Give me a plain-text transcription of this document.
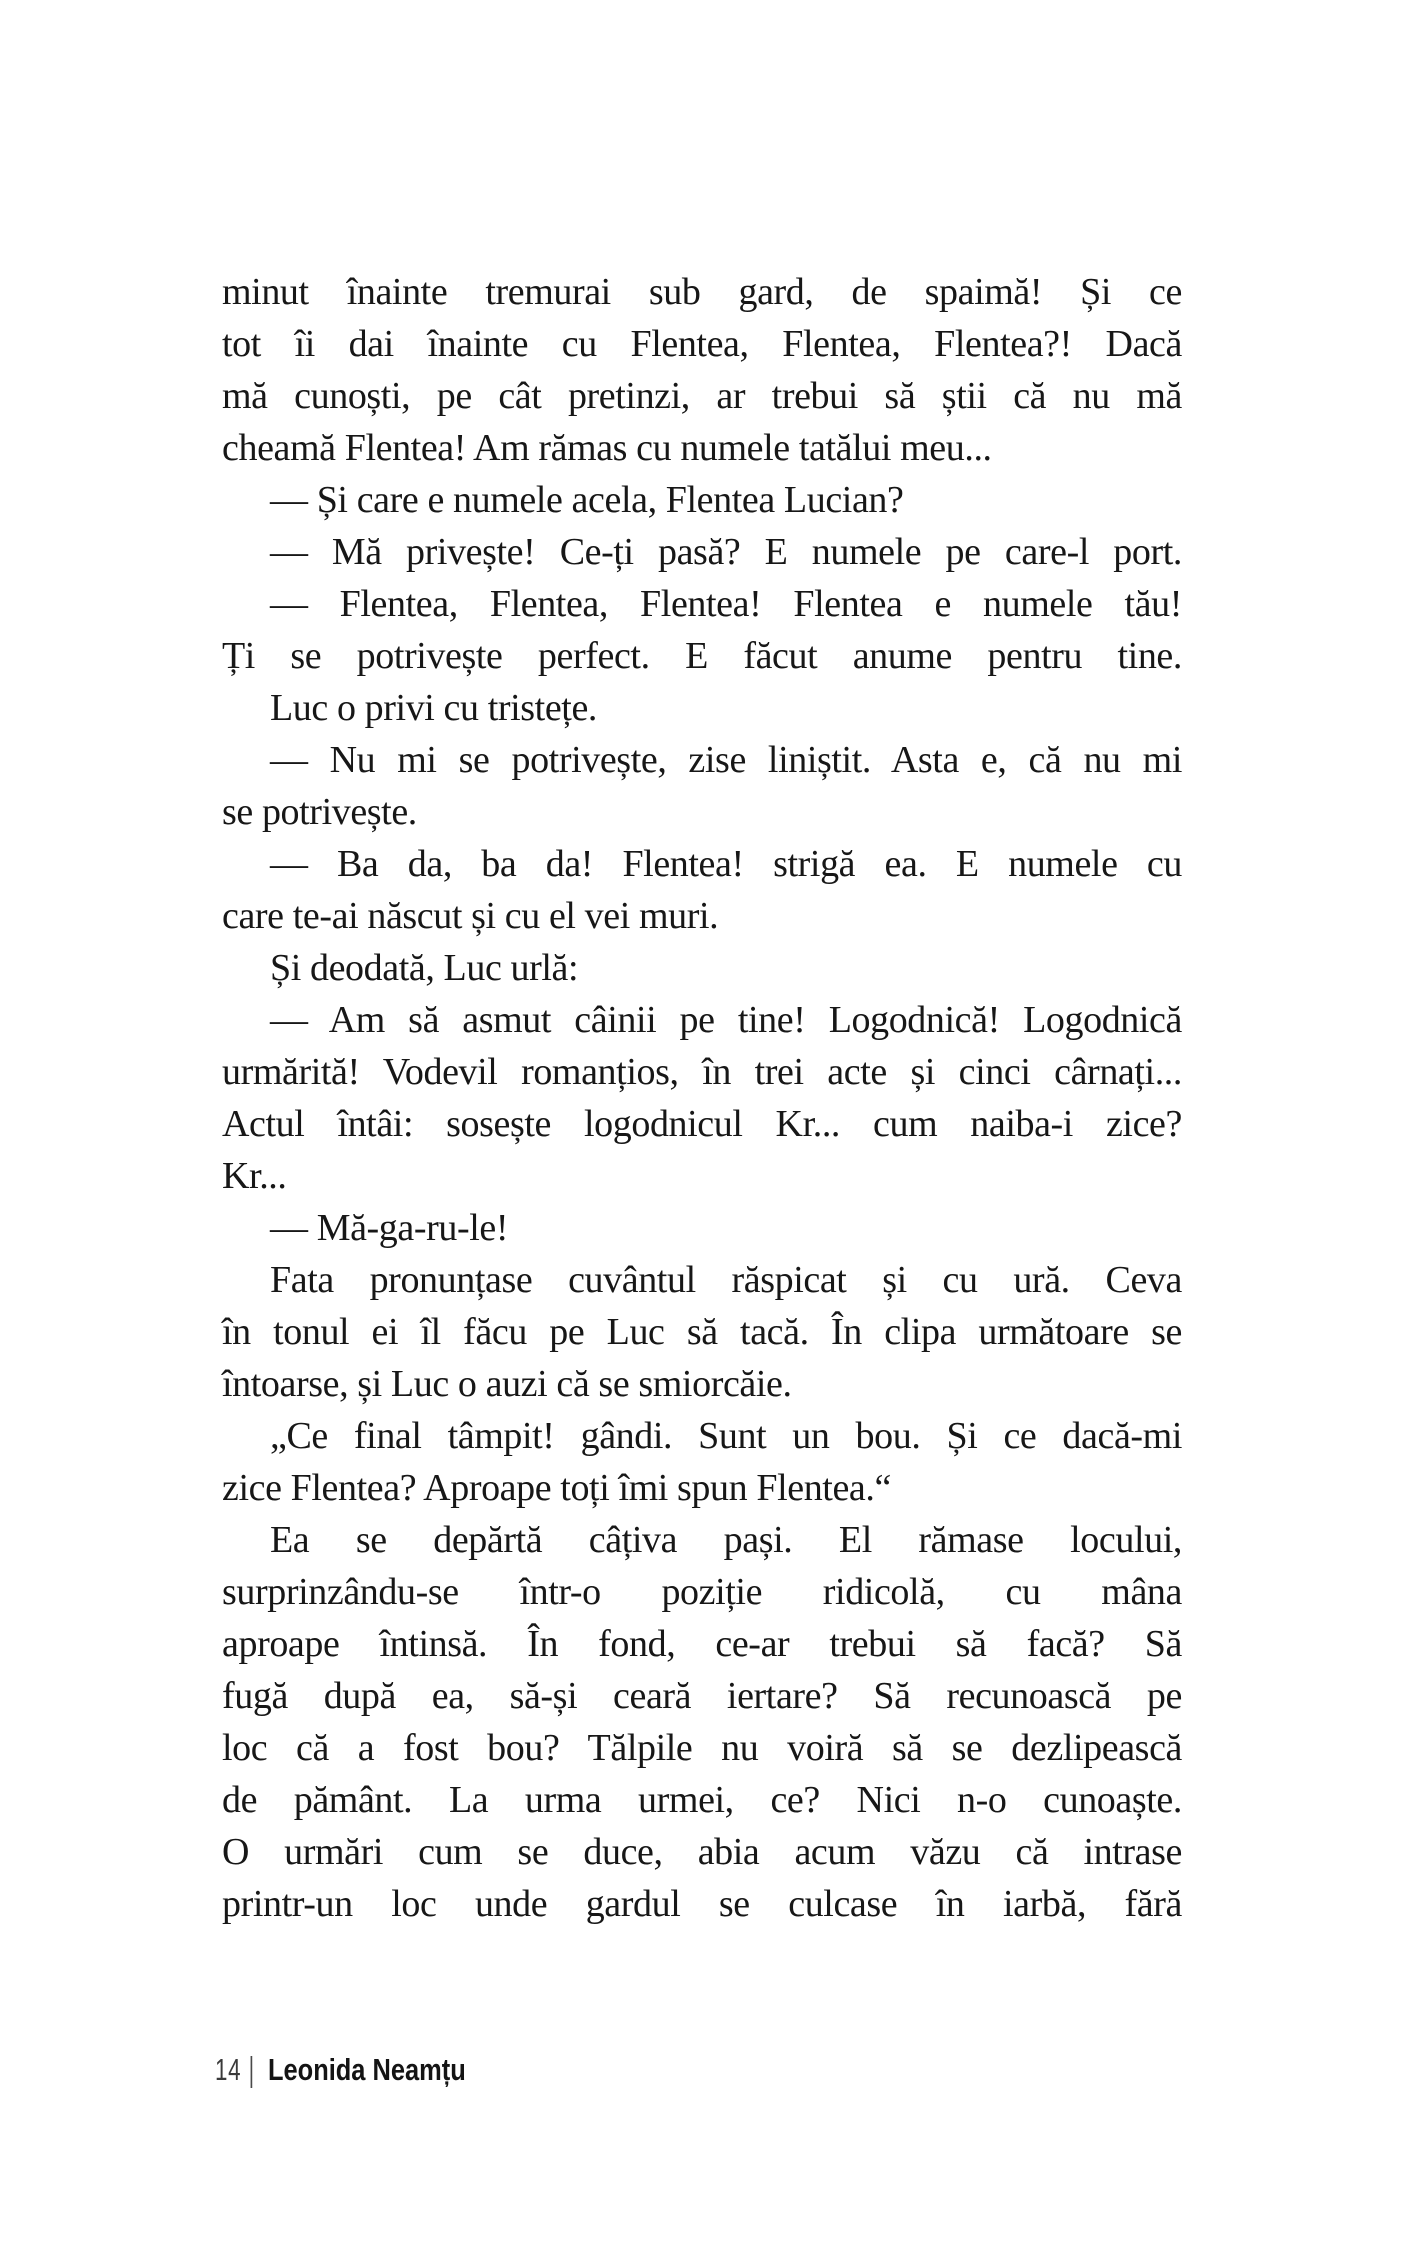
minut înainte tremurai sub gard, de spaimă! Și ce
tot îi dai înainte cu Flentea, Flentea, Flentea?! Dacă
mă cunoști, pe cât pretinzi, ar trebui să știi că nu mă
cheamă Flentea! Am rămas cu numele tatălui meu...
— Și care e numele acela, Flentea Lucian?
— Mă privește! Ce-ți pasă? E numele pe care-l port.
— Flentea, Flentea, Flentea! Flentea e numele tău!
Ți se potrivește perfect. E făcut anume pentru tine.
Luc o privi cu tristețe.
— Nu mi se potrivește, zise liniștit. Asta e, că nu mi
se potrivește.
— Ba da, ba da! Flentea! strigă ea. E numele cu
care te-ai născut și cu el vei muri.
Și deodată, Luc urlă:
— Am să asmut câinii pe tine! Logodnică! Logodnică
urmărită! Vodevil romanțios, în trei acte și cinci cârnați...
Actul întâi: sosește logodnicul Kr... cum naiba-i zice?
Kr...
— Mă-ga-ru-le!
Fata pronunțase cuvântul răspicat și cu ură. Ceva
în tonul ei îl făcu pe Luc să tacă. În clipa următoare se
întoarse, și Luc o auzi că se smiorcăie.
„Ce final tâmpit! gândi. Sunt un bou. Și ce dacă-mi
zice Flentea? Aproape toți îmi spun Flentea.“
Ea se depărtă câțiva pași. El rămase locului,
surprinzându-se într-o poziție ridicolă, cu mâna
aproape întinsă. În fond, ce-ar trebui să facă? Să
fugă după ea, să-și ceară iertare? Să recunoască pe
loc că a fost bou? Tălpile nu voiră să se dezlipească
de pământ. La urma urmei, ce? Nici n-o cunoaște.
O urmări cum se duce, abia acum văzu că intrase
printr-un loc unde gardul se culcase în iarbă, fără
14 | Leonida Neamțu
